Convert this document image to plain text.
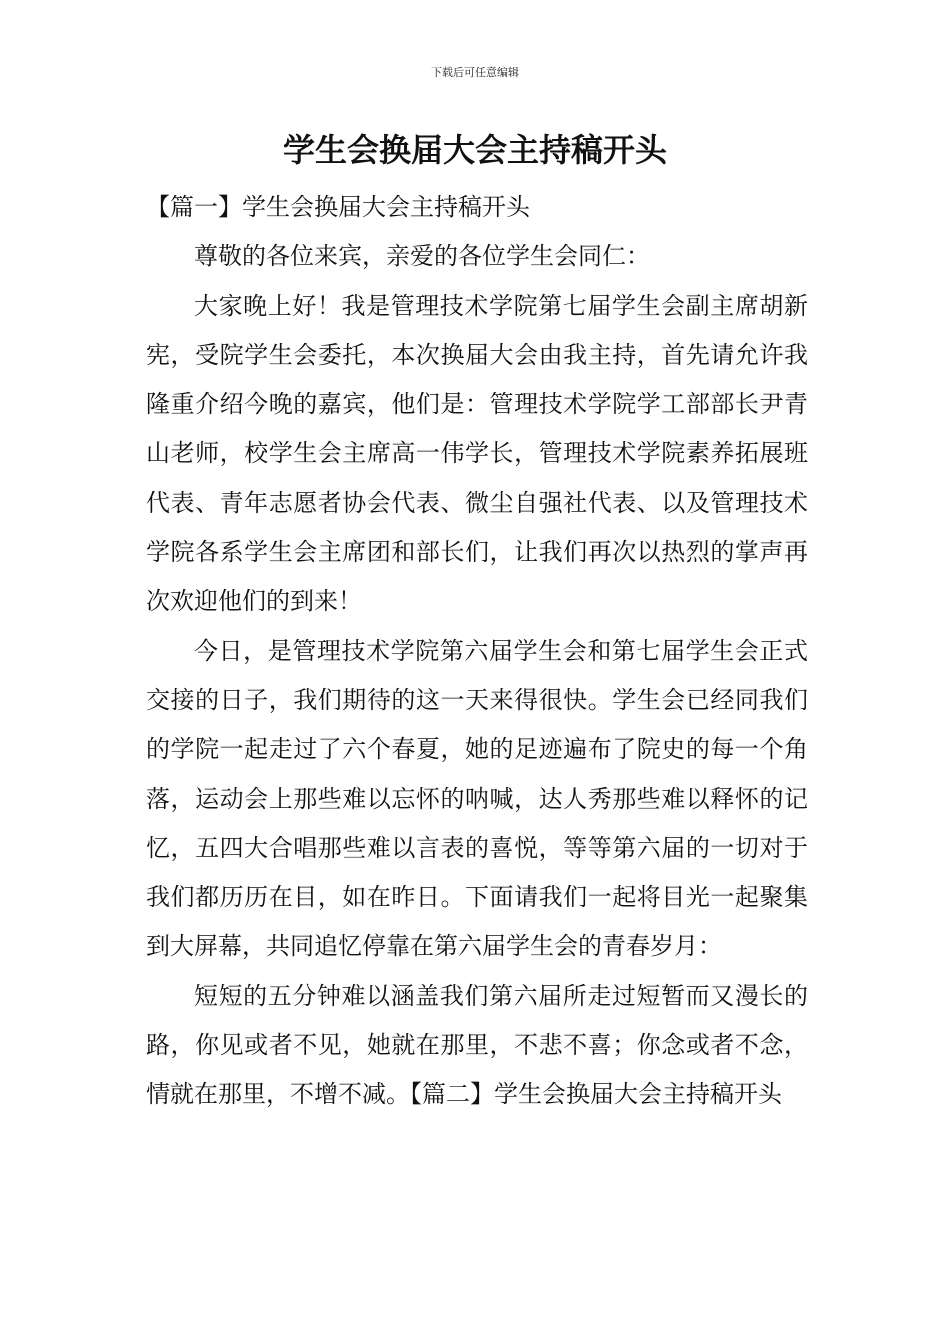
下载后可任意编辑
学生会换届大会主持稿开头

【篇一】学生会换届大会主持稿开头

尊敬的各位来宾，亲爱的各位学生会同仁：

大家晚上好！我是管理技术学院第七届学生会副主席胡新宪，受院学生会委托，本次换届大会由我主持，首先请允许我隆重介绍今晚的嘉宾，他们是：管理技术学院学工部部长尹青山老师，校学生会主席高一伟学长，管理技术学院素养拓展班代表、青年志愿者协会代表、微尘自强社代表、以及管理技术学院各系学生会主席团和部长们，让我们再次以热烈的掌声再次欢迎他们的到来！

今日，是管理技术学院第六届学生会和第七届学生会正式交接的日子，我们期待的这一天来得很快。学生会已经同我们的学院一起走过了六个春夏，她的足迹遍布了院史的每一个角落，运动会上那些难以忘怀的呐喊，达人秀那些难以释怀的记忆，五四大合唱那些难以言表的喜悦，等等第六届的一切对于我们都历历在目，如在昨日。下面请我们一起将目光一起聚集到大屏幕，共同追忆停靠在第六届学生会的青春岁月：

短短的五分钟难以涵盖我们第六届所走过短暂而又漫长的路，你见或者不见，她就在那里，不悲不喜；你念或者不念，情就在那里，不增不减。【篇二】学生会换届大会主持稿开头
